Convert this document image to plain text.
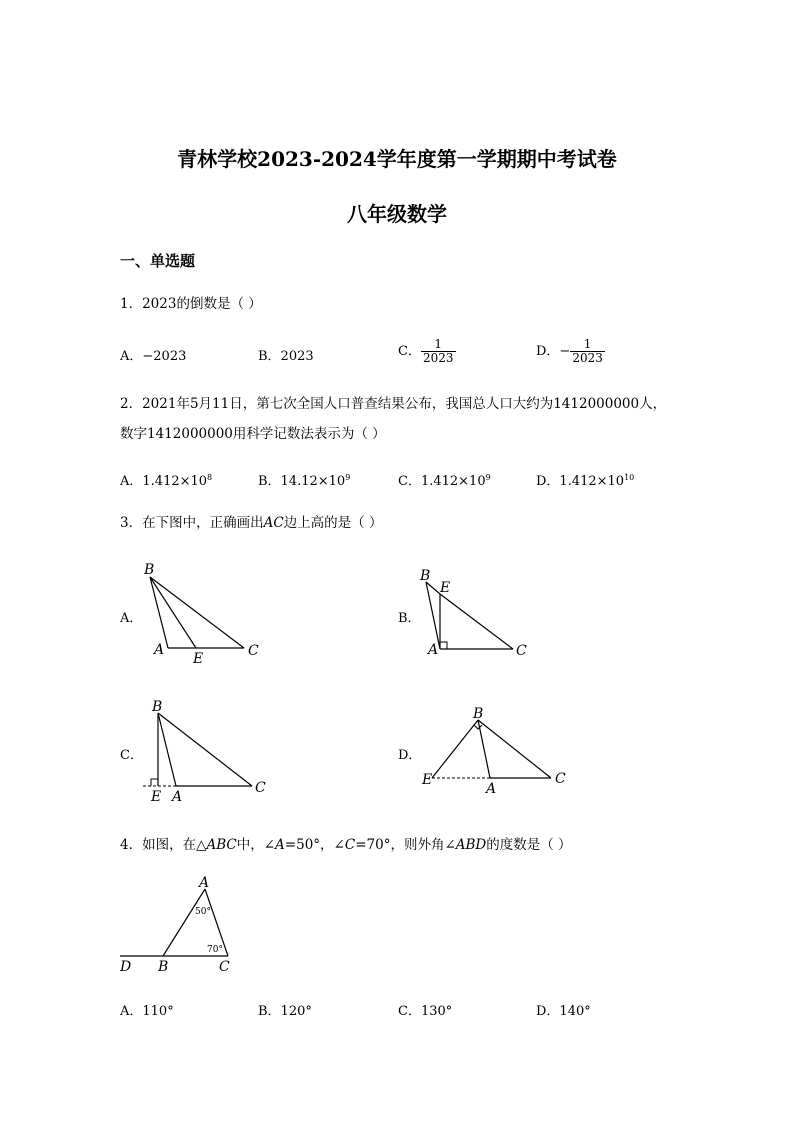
青林学校2023-2024学年度第一学期期中考试卷
八年级数学
一、单选题
1．2023的倒数是（ ）
A．−2023	B．2023	C． $\frac{1}{2023}$	D．− $\frac{1}{2023}$
2．2021年5月11日，第七次全国人口普查结果公布，我国总人口大约为1412000000人，
数字1412000000用科学记数法表示为（ ）
A．$1.412\times 10^8$	B．$14.12\times 10^9$	C．$1.412\times 10^9$	D．$1.412\times 10^{10}$
3．在下图中，正确画出AC边上高的是（ ）
A．
B
A
E	C
B．
B
E
A	C
C．
B
E A
C
D．
B
E
A
C
4．如图，在△ABC中，∠A=50°，∠C=70°，则外角∠ABD的度数是（ ）
A
D B	C
50°
70°
A．110°	B．120°	C．130°	D．140°
